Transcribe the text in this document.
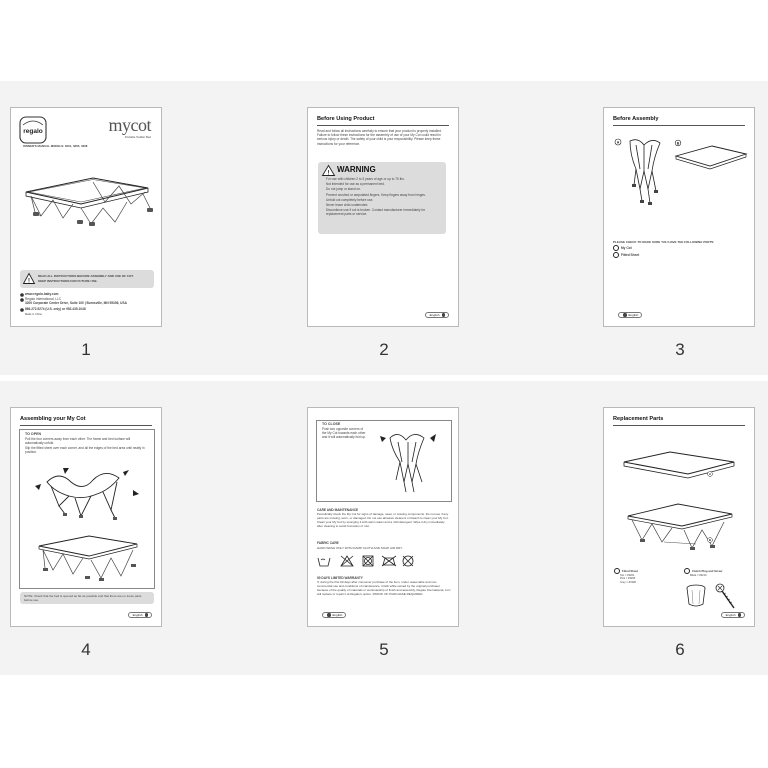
regalo	mycot
Portable Toddler Bed
OWNER'S MANUAL MODELS: 3201, 3265, 3308
!
READ ALL INSTRUCTIONS BEFORE ASSEMBLY AND USE OF COT.
KEEP INSTRUCTIONS FOR FUTURE USE.
www.regalo-baby.com
Regalo International, LLC
3200 Corporate Center Drive, Suite 100 | Burnsville, MN 55306, USA
866.272.5274 (U.S. only) or 952.435.1048
Made in China
1
Before Using Product
Read and follow all instructions carefully to ensure that your product is properly installed. Failure to follow these instructions for the assembly of use of your My Cot could result in serious injury or death. The safety of your child is your responsibility. Please keep these instructions for your reference.
! WARNING
For use with children 2 to 5 years of age or up to 75 lbs.
Not intended for use as a permanent bed.
Do not jump or stand on.
Prevent crushed or amputated fingers. Keep fingers away from hinges.
Unfold cot completely before use.
Never leave child unattended.
Discontinue use if cot is broken. Contact manufacturer immediately for replacement parts or service.
English
2
Before Assembly
A	B
PLEASE CHECK TO MAKE SURE YOU HAVE THE FOLLOWING PARTS:
My Cot
Fitted Sheet
English
3
Assembling your My Cot
TO OPEN
Pull the four corners away from each other. The frame and bed surface will automatically unfold.
Slip the fitted sheet over each corner, and all the edges of the bed area until neatly in position.
NOTE: Check that the bed is opened as far as possible and that there are no loose parts before use.
English
4
TO CLOSE
Push two opposite corners of the My Cot towards each other and it will automatically fold up.
CARE AND MAINTENANCE
Periodically check the My Cot for signs of damage, wear, or missing components. Do not use if any parts are missing, worn, or damaged. Do not use abrasive cleaners or bleach to clean your My Cot. Clean your My Cot by sponging it with warm water and a mild detergent. Wipe it dry immediately after cleaning to avoid formation of rust.
FABRIC CARE
HAND WASH ONLY WITH DAMP CLOTH AND SOAP. AIR DRY.
90 DAYS LIMITED WARRANTY
If, during the first 90 days after consumer purchase of the item, under reasonable and non-commercial use and conditions of maintenance, it fails while owned by the original purchaser because of the quality of materials or workmanship of finish and assembly, Regalo International, LLC will replace or repair it at Regalo's option. PROOF OF PURCHASE REQUIRED.
English
5
Replacement Parts
A
B
Fitted Sheet
Tan = #3201
Pink = #3265
Grey = #3308
Clutch Plug and Screw
Black = #3210
English
6
